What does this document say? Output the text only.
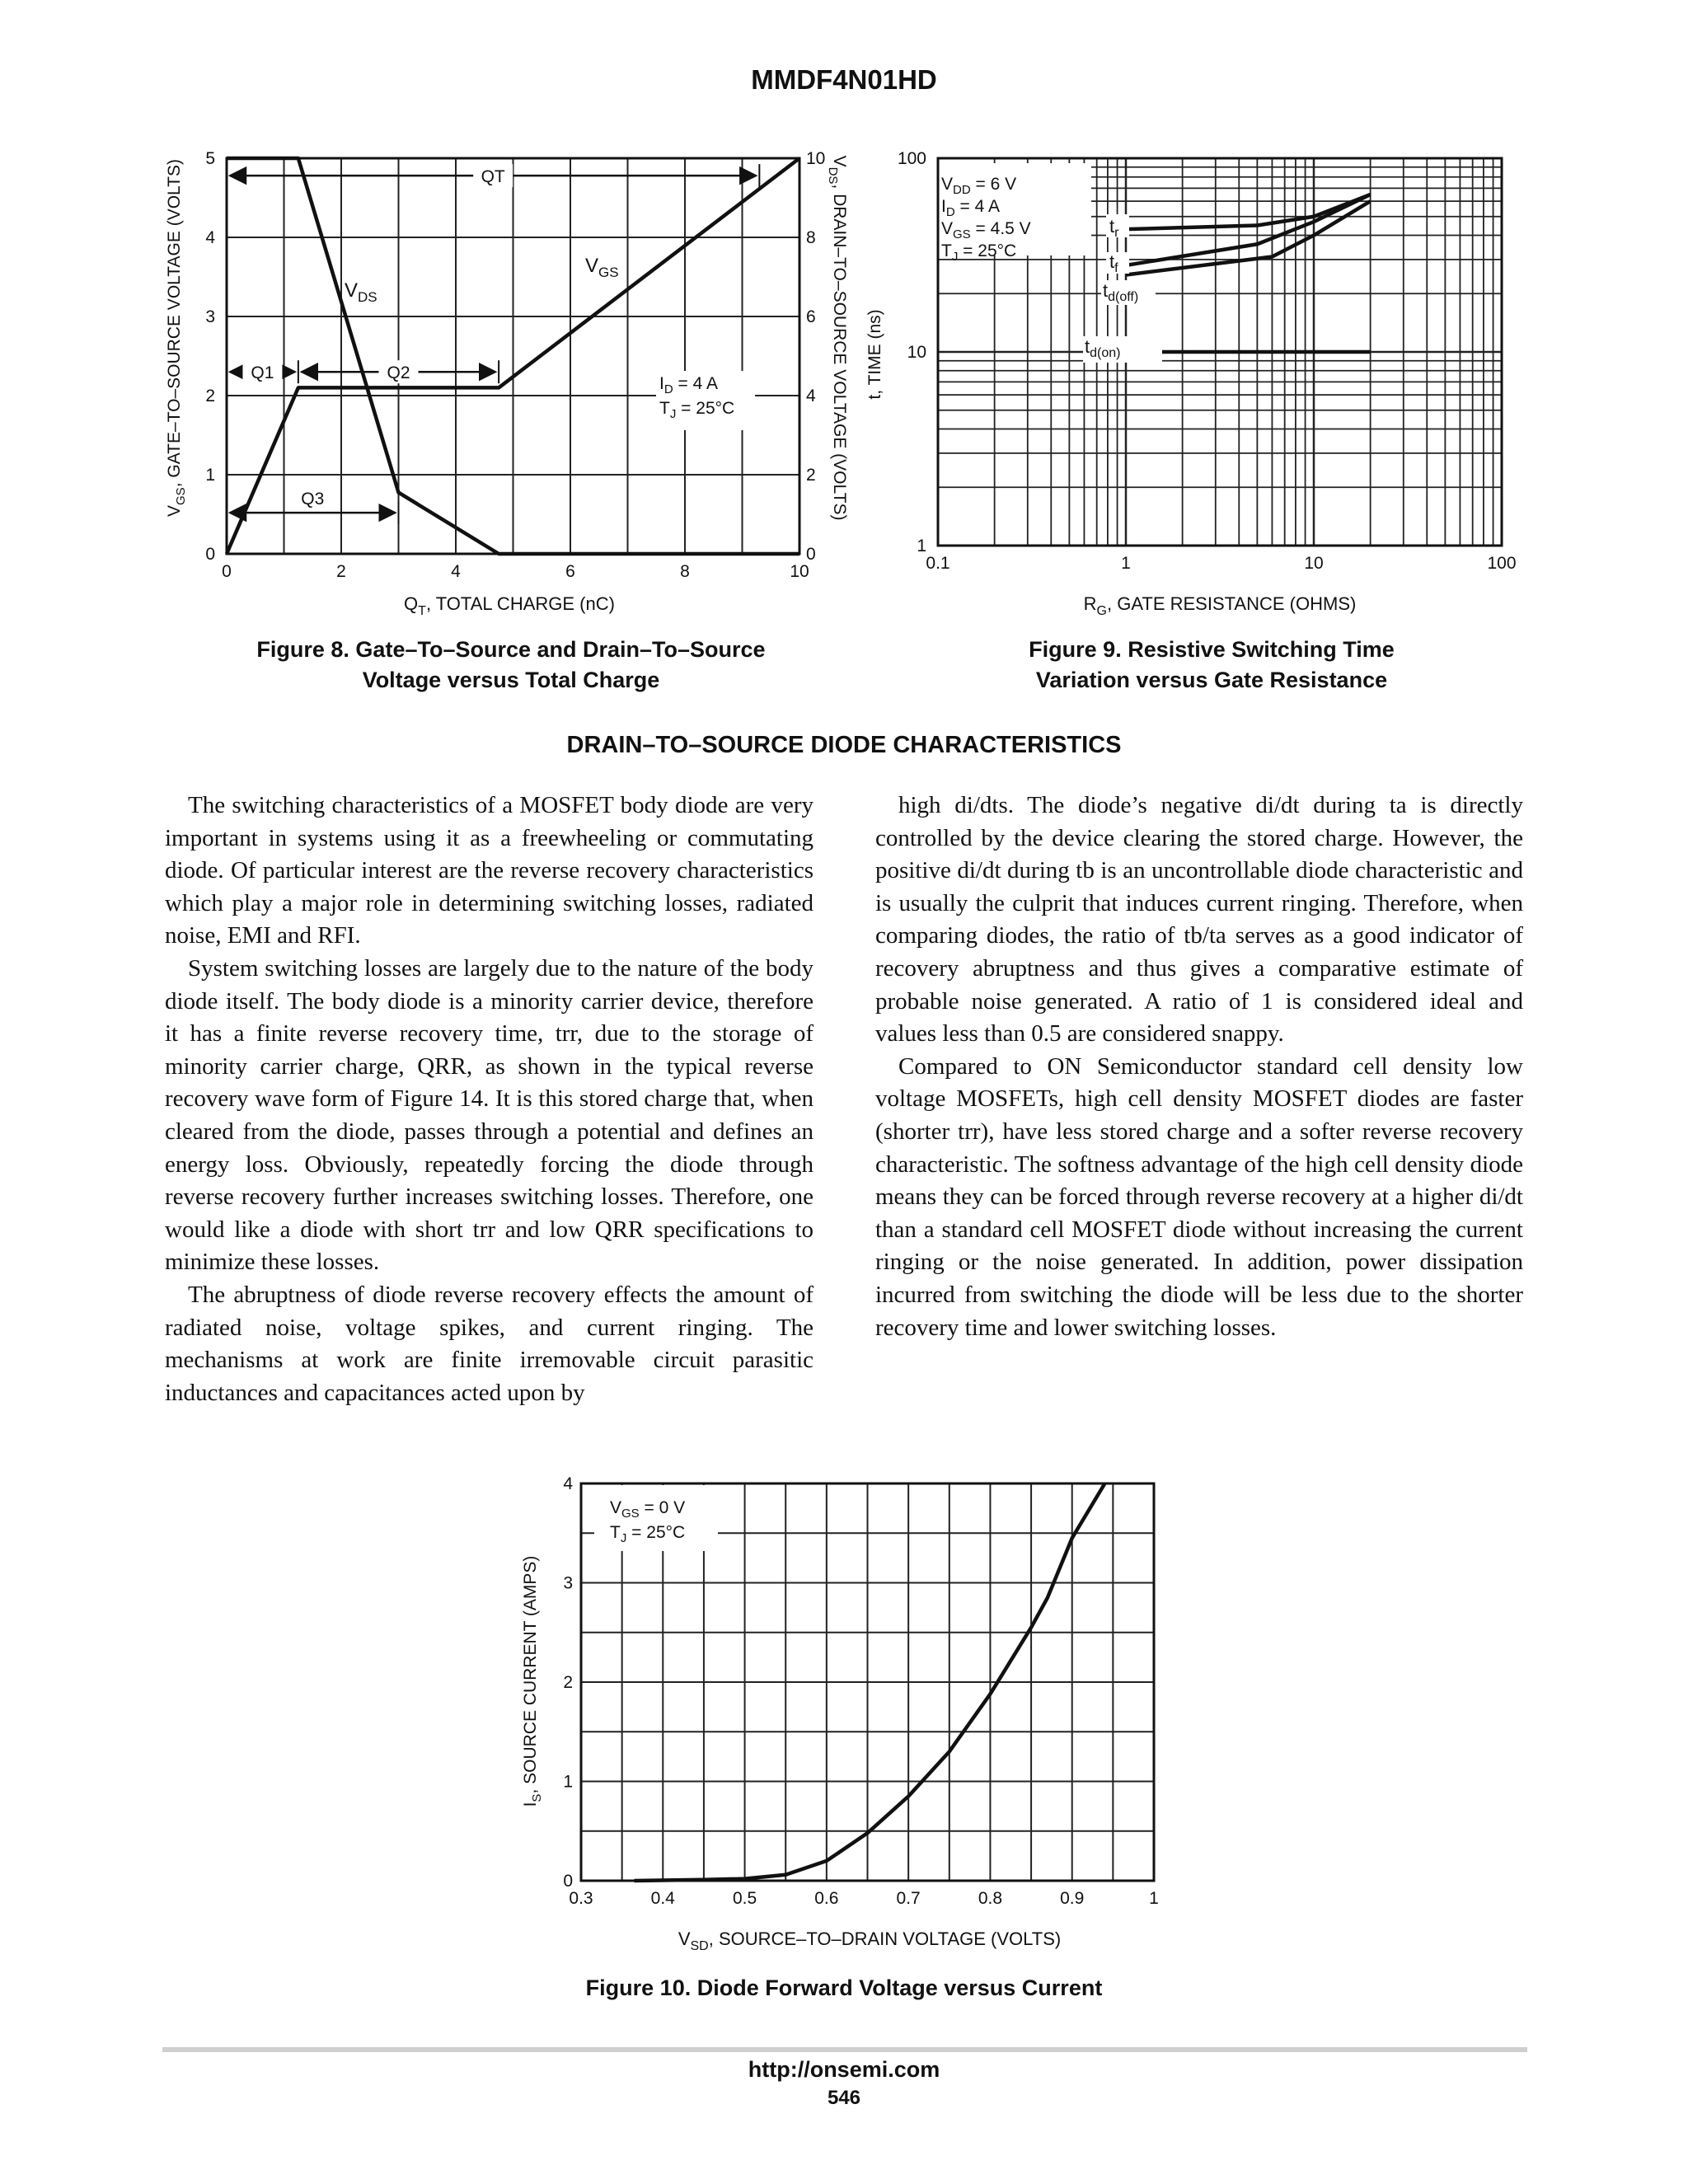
MMDF4N01HD
0	2	4	6	8	10
0
1
2
3
4
5
0
2
4
6
8
10
QT
Q1	Q2
Q3
$Q_T$, TOTAL CHARGE (nC)
$V_{GS}$, GATE–TO–SOURCE VOLTAGE (VOLTS)	$V_{DS}$, DRAIN–TO–SOURCE VOLTAGE (VOLTS)
$V_{DS}$
$V_{GS}$
$I_D = 4$ A
$T_J = 25^\circ C$
0.1	1	10	100
1
10
100
$V_{DD} = 6$ V
$I_D = 4$ A
$V_{GS} = 4.5$ V
$T_J = 25^\circ C$
$t_r$
$t_f$
$t_{d(off)}$
$t_{d(on)}$
$R_G$, GATE RESISTANCE (OHMS)
t, TIME (ns)
Figure 8. Gate–To–Source and Drain–To–Source
Voltage versus Total Charge
Figure 9. Resistive Switching Time
Variation versus Gate Resistance
DRAIN–TO–SOURCE DIODE CHARACTERISTICS

The switching characteristics of a MOSFET body diode are very important in systems using it as a freewheeling or commutating diode. Of particular interest are the reverse recovery characteristics which play a major role in determining switching losses, radiated noise, EMI and RFI.

System switching losses are largely due to the nature of the body diode itself. The body diode is a minority carrier device, therefore it has a finite reverse recovery time, trr, due to the storage of minority carrier charge, QRR, as shown in the typical reverse recovery wave form of Figure 14. It is this stored charge that, when cleared from the diode, passes through a potential and defines an energy loss. Obviously, repeatedly forcing the diode through reverse recovery further increases switching losses. Therefore, one would like a diode with short trr and low QRR specifications to minimize these losses.

The abruptness of diode reverse recovery effects the amount of radiated noise, voltage spikes, and current ringing. The mechanisms at work are finite irremovable circuit parasitic inductances and capacitances acted upon by

high di/dts. The diode’s negative di/dt during ta is directly controlled by the device clearing the stored charge. However, the positive di/dt during tb is an uncontrollable diode characteristic and is usually the culprit that induces current ringing. Therefore, when comparing diodes, the ratio of tb/ta serves as a good indicator of recovery abruptness and thus gives a comparative estimate of probable noise generated. A ratio of 1 is considered ideal and values less than 0.5 are considered snappy.

Compared to ON Semiconductor standard cell density low voltage MOSFETs, high cell density MOSFET diodes are faster (shorter trr), have less stored charge and a softer reverse recovery characteristic. The softness advantage of the high cell density diode means they can be forced through reverse recovery at a higher di/dt than a standard cell MOSFET diode without increasing the current ringing or the noise generated. In addition, power dissipation incurred from switching the diode will be less due to the shorter recovery time and lower switching losses.

0.3	0.4	0.5	0.6	0.7	0.8	0.9	1
0
1
2
3
4
$V_{GS} = 0$ V
$T_J = 25^\circ C$
$V_{SD}$, SOURCE–TO–DRAIN VOLTAGE (VOLTS)
$I_S$, SOURCE CURRENT (AMPS)
Figure 10. Diode Forward Voltage versus Current
http://onsemi.com
546
